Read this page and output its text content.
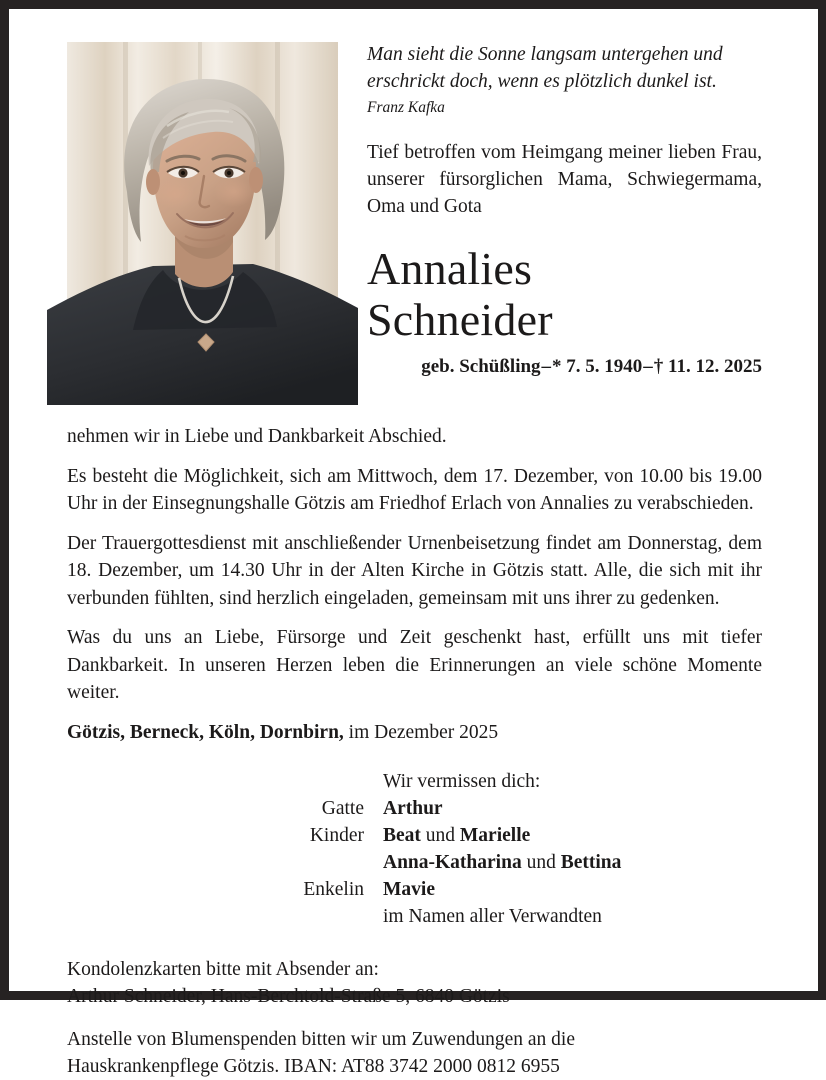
Man sieht die Sonne langsam untergehen und erschrickt doch, wenn es plötzlich dunkel ist.

Franz Kafka

Tief betroffen vom Heimgang meiner lieben Frau, unserer fürsorglichen Mama, Schwiegermama, Oma und Gota

Annalies
Schneider
geb. Schüßling–* 7. 5. 1940–† 11. 12. 2025

nehmen wir in Liebe und Dankbarkeit Abschied.

Es besteht die Möglichkeit, sich am Mittwoch, dem 17. Dezember, von 10.00 bis 19.00 Uhr in der Einsegnungshalle Götzis am Friedhof Erlach von Annalies zu verabschieden.

Der Trauergottesdienst mit anschließender Urnenbeisetzung findet am Donnerstag, dem 18. Dezember, um 14.30 Uhr in der Alten Kirche in Götzis statt. Alle, die sich mit ihr verbunden fühlten, sind herzlich eingeladen, gemeinsam mit uns ihrer zu gedenken.

Was du uns an Liebe, Fürsorge und Zeit geschenkt hast, erfüllt uns mit tiefer Dankbarkeit. In unseren Herzen leben die Erinnerungen an viele schöne Momente weiter.

Götzis, Berneck, Köln, Dornbirn, im Dezember 2025

Wir vermissen dich:
Gatte Arthur
Kinder Beat und Marielle
Anna-Katharina und Bettina
Enkelin Mavie
im Namen aller Verwandten

Kondolenzkarten bitte mit Absender an:
Arthur Schneider, Hans-Berchtold-Straße 5, 6840 Götzis

Anstelle von Blumenspenden bitten wir um Zuwendungen an die
Hauskrankenpflege Götzis. IBAN: AT88 3742 2000 0812 6955
